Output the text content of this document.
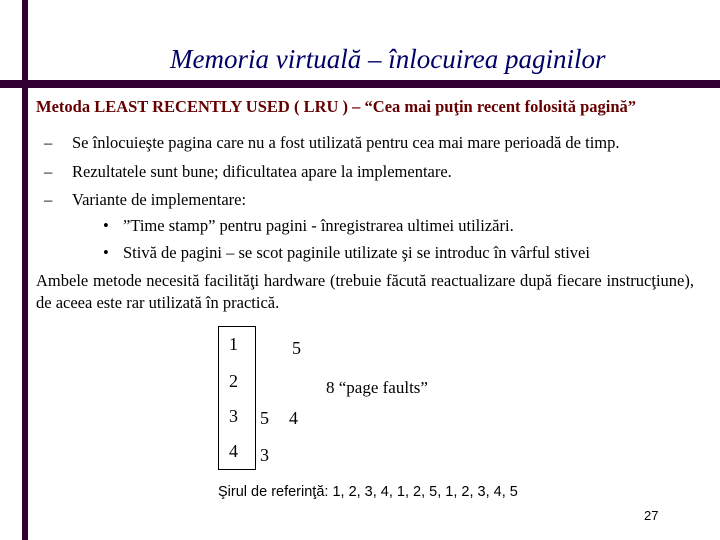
Memoria virtuală – înlocuirea paginilor
Metoda LEAST RECENTLY USED ( LRU ) – “Cea mai puţin recent folosită pagină”
– Se înlocuieşte pagina care nu a fost utilizată pentru cea mai mare perioadă de timp.
– Rezultatele sunt bune; dificultatea apare la implementare.
– Variante de implementare:
• ”Time stamp” pentru pagini - înregistrarea ultimei utilizări.
• Stivă de pagini – se scot paginile utilizate şi se introduc în vârful stivei
Ambele metode necesită facilităţi hardware (trebuie făcută reactualizare după fiecare instrucţiune), de aceea este rar utilizată în practică.
1
2
3
4
5
5 4
3
8 “page faults”
Şirul de referinţă: 1, 2, 3, 4, 1, 2, 5, 1, 2, 3, 4, 5
27
